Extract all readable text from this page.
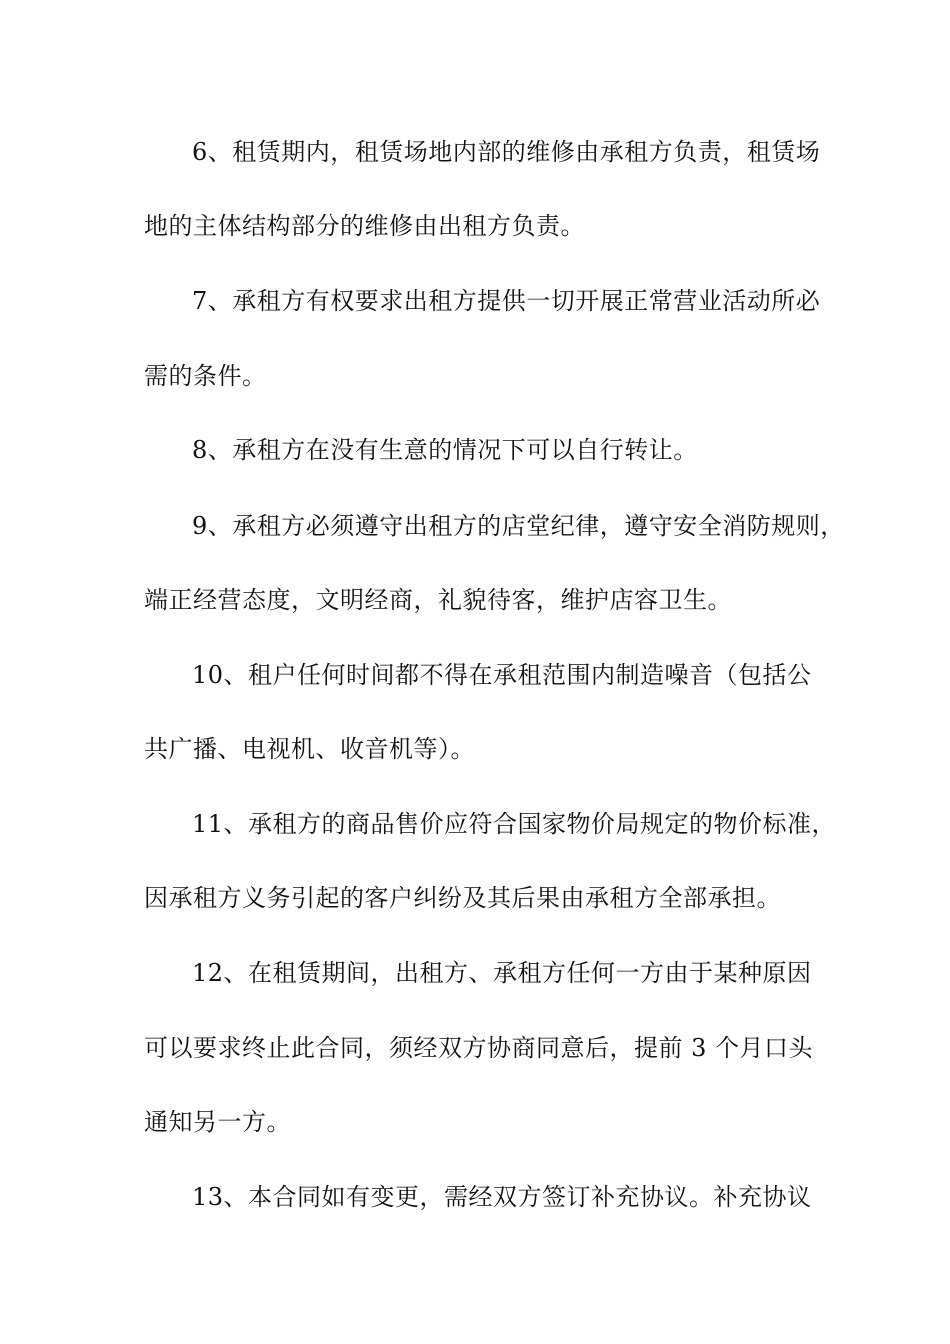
6、租赁期内，租赁场地内部的维修由承租方负责，租赁场
地的主体结构部分的维修由出租方负责。
7、承租方有权要求出租方提供一切开展正常营业活动所必
需的条件。
8、承租方在没有生意的情况下可以自行转让。
9、承租方必须遵守出租方的店堂纪律，遵守安全消防规则，
端正经营态度，文明经商，礼貌待客，维护店容卫生。
10、租户任何时间都不得在承租范围内制造噪音（包括公
共广播、电视机、收音机等）。
11、承租方的商品售价应符合国家物价局规定的物价标准，
因承租方义务引起的客户纠纷及其后果由承租方全部承担。
12、在租赁期间，出租方、承租方任何一方由于某种原因
可以要求终止此合同，须经双方协商同意后，提前 3 个月口头
通知另一方。
13、本合同如有变更，需经双方签订补充协议。补充协议
